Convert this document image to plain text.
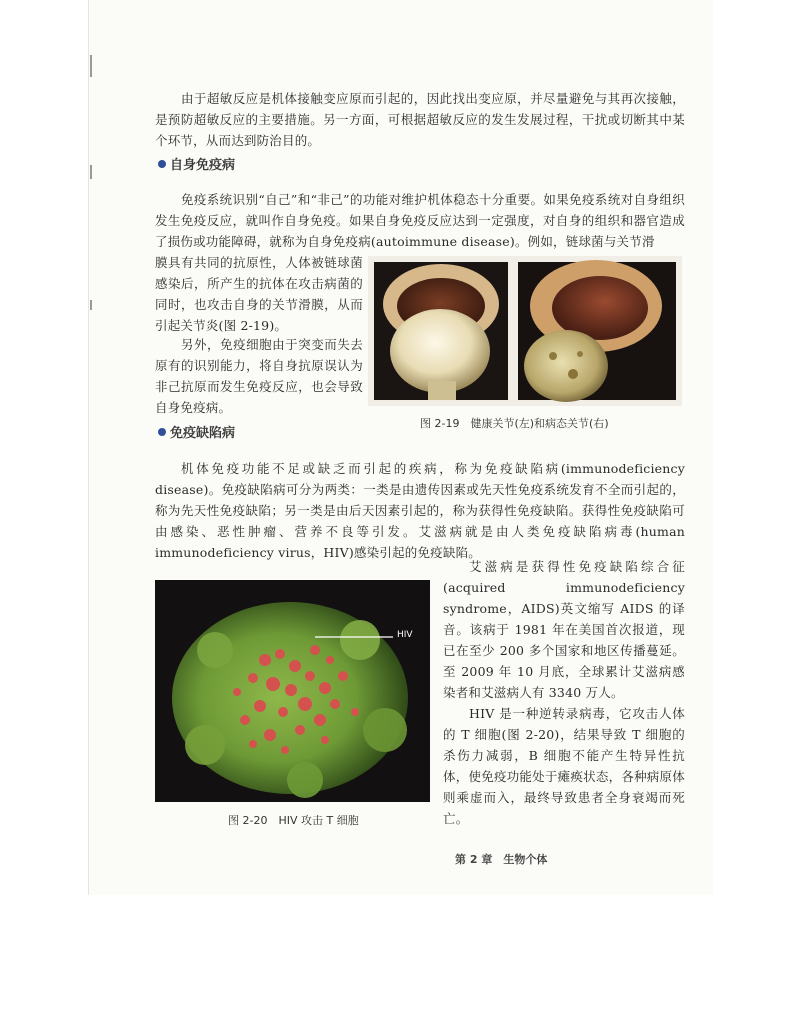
由于超敏反应是机体接触变应原而引起的，因此找出变应原，并尽量避免与其再次接触，是预防超敏反应的主要措施。另一方面，可根据超敏反应的发生发展过程，干扰或切断其中某个环节，从而达到防治目的。

自身免疫病

免疫系统识别“自己”和“非己”的功能对维护机体稳态十分重要。如果免疫系统对自身组织发生免疫反应，就叫作自身免疫。如果自身免疫反应达到一定强度，对自身的组织和器官造成了损伤或功能障碍，就称为自身免疫病(autoimmune disease)。例如，链球菌与关节滑

膜具有共同的抗原性，人体被链球菌感染后，所产生的抗体在攻击病菌的同时，也攻击自身的关节滑膜，从而引起关节炎(图 2-19)。

另外，免疫细胞由于突变而失去原有的识别能力，将自身抗原误认为非己抗原而发生免疫反应，也会导致自身免疫病。

图 2-19　健康关节(左)和病态关节(右)

免疫缺陷病

机体免疫功能不足或缺乏而引起的疾病，称为免疫缺陷病(immunodeficiency disease)。免疫缺陷病可分为两类：一类是由遗传因素或先天性免疫系统发育不全而引起的，称为先天性免疫缺陷；另一类是由后天因素引起的，称为获得性免疫缺陷。获得性免疫缺陷可由感染、恶性肿瘤、营养不良等引发。艾滋病就是由人类免疫缺陷病毒(human immunodeficiency virus，HIV)感染引起的免疫缺陷。

HIV

图 2-20　HIV 攻击 T 细胞

艾滋病是获得性免疫缺陷综合征(acquired immunodeficiency syndrome，AIDS)英文缩写 AIDS 的译音。该病于 1981 年在美国首次报道，现已在至少 200 多个国家和地区传播蔓延。至 2009 年 10 月底，全球累计艾滋病感染者和艾滋病人有 3340 万人。

HIV 是一种逆转录病毒，它攻击人体的 T 细胞(图 2-20)，结果导致 T 细胞的杀伤力减弱，B 细胞不能产生特异性抗体，使免疫功能处于瘫痪状态，各种病原体则乘虚而入，最终导致患者全身衰竭而死亡。

第 2 章　生物个体
